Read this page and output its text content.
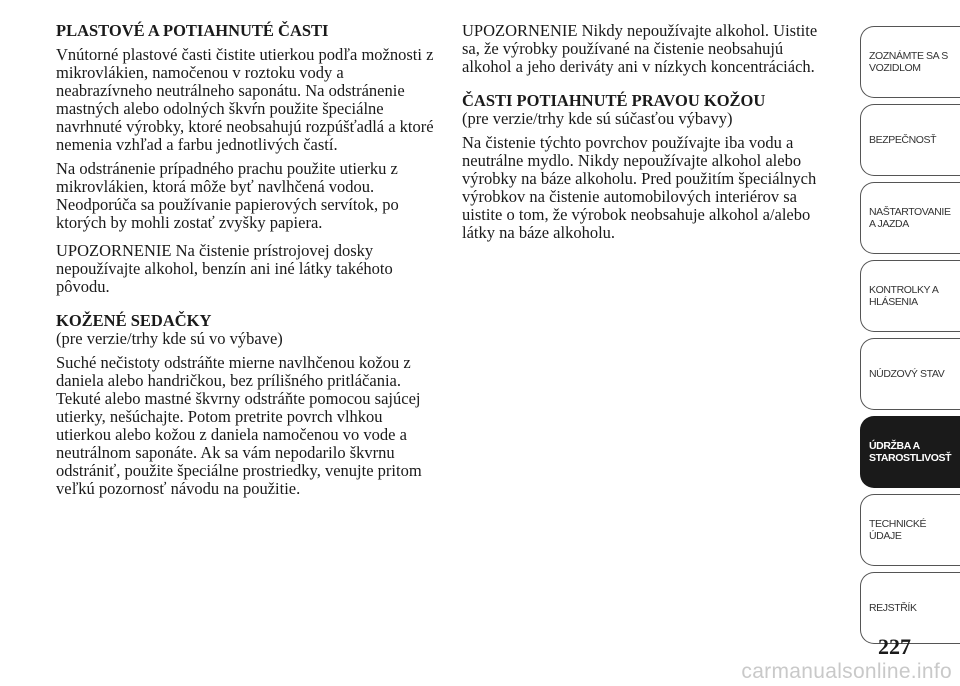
PLASTOVÉ A POTIAHNUTÉ ČASTI

Vnútorné plastové časti čistite utierkou podľa možnosti z mikrovlákien, namočenou v roztoku vody a neabrazívneho neutrálneho saponátu. Na odstránenie mastných alebo odolných škvŕn použite špeciálne navrhnuté výrobky, ktoré neobsahujú rozpúšťadlá a ktoré nemenia vzhľad a farbu jednotlivých častí.

Na odstránenie prípadného prachu použite utierku z mikrovlákien, ktorá môže byť navlhčená vodou. Neodporúča sa používanie papierových servítok, po ktorých by mohli zostať zvyšky papiera.

UPOZORNENIE Na čistenie prístrojovej dosky nepoužívajte alkohol, benzín ani iné látky takéhoto pôvodu.

KOŽENÉ SEDAČKY

(pre verzie/trhy kde sú vo výbave)

Suché nečistoty odstráňte mierne navlhčenou kožou z daniela alebo handričkou, bez prílišného pritláčania. Tekuté alebo mastné škvrny odstráňte pomocou sajúcej utierky, nešúchajte. Potom pretrite povrch vlhkou utierkou alebo kožou z daniela namočenou vo vode a neutrálnom saponáte. Ak sa vám nepodarilo škvrnu odstrániť, použite špeciálne prostriedky, venujte pritom veľkú pozornosť návodu na použitie.

UPOZORNENIE Nikdy nepoužívajte alkohol. Uistite sa, že výrobky používané na čistenie neobsahujú alkohol a jeho deriváty ani v nízkych koncentráciách.

ČASTI POTIAHNUTÉ PRAVOU KOŽOU

(pre verzie/trhy kde sú súčasťou výbavy)

Na čistenie týchto povrchov používajte iba vodu a neutrálne mydlo. Nikdy nepoužívajte alkohol alebo výrobky na báze alkoholu. Pred použitím špeciálnych výrobkov na čistenie automobilových interiérov sa uistite o tom, že výrobok neobsahuje alkohol a/alebo látky na báze alkoholu.

ZOZNÁMTE SA S VOZIDLOM
BEZPEČNOSŤ
NAŠTARTOVANIE A JAZDA
KONTROLKY A HLÁSENIA
NÚDZOVÝ STAV
ÚDRŽBA A STAROSTLIVOSŤ
TECHNICKÉ ÚDAJE
REJSTŘÍK
227
carmanualsonline.info
